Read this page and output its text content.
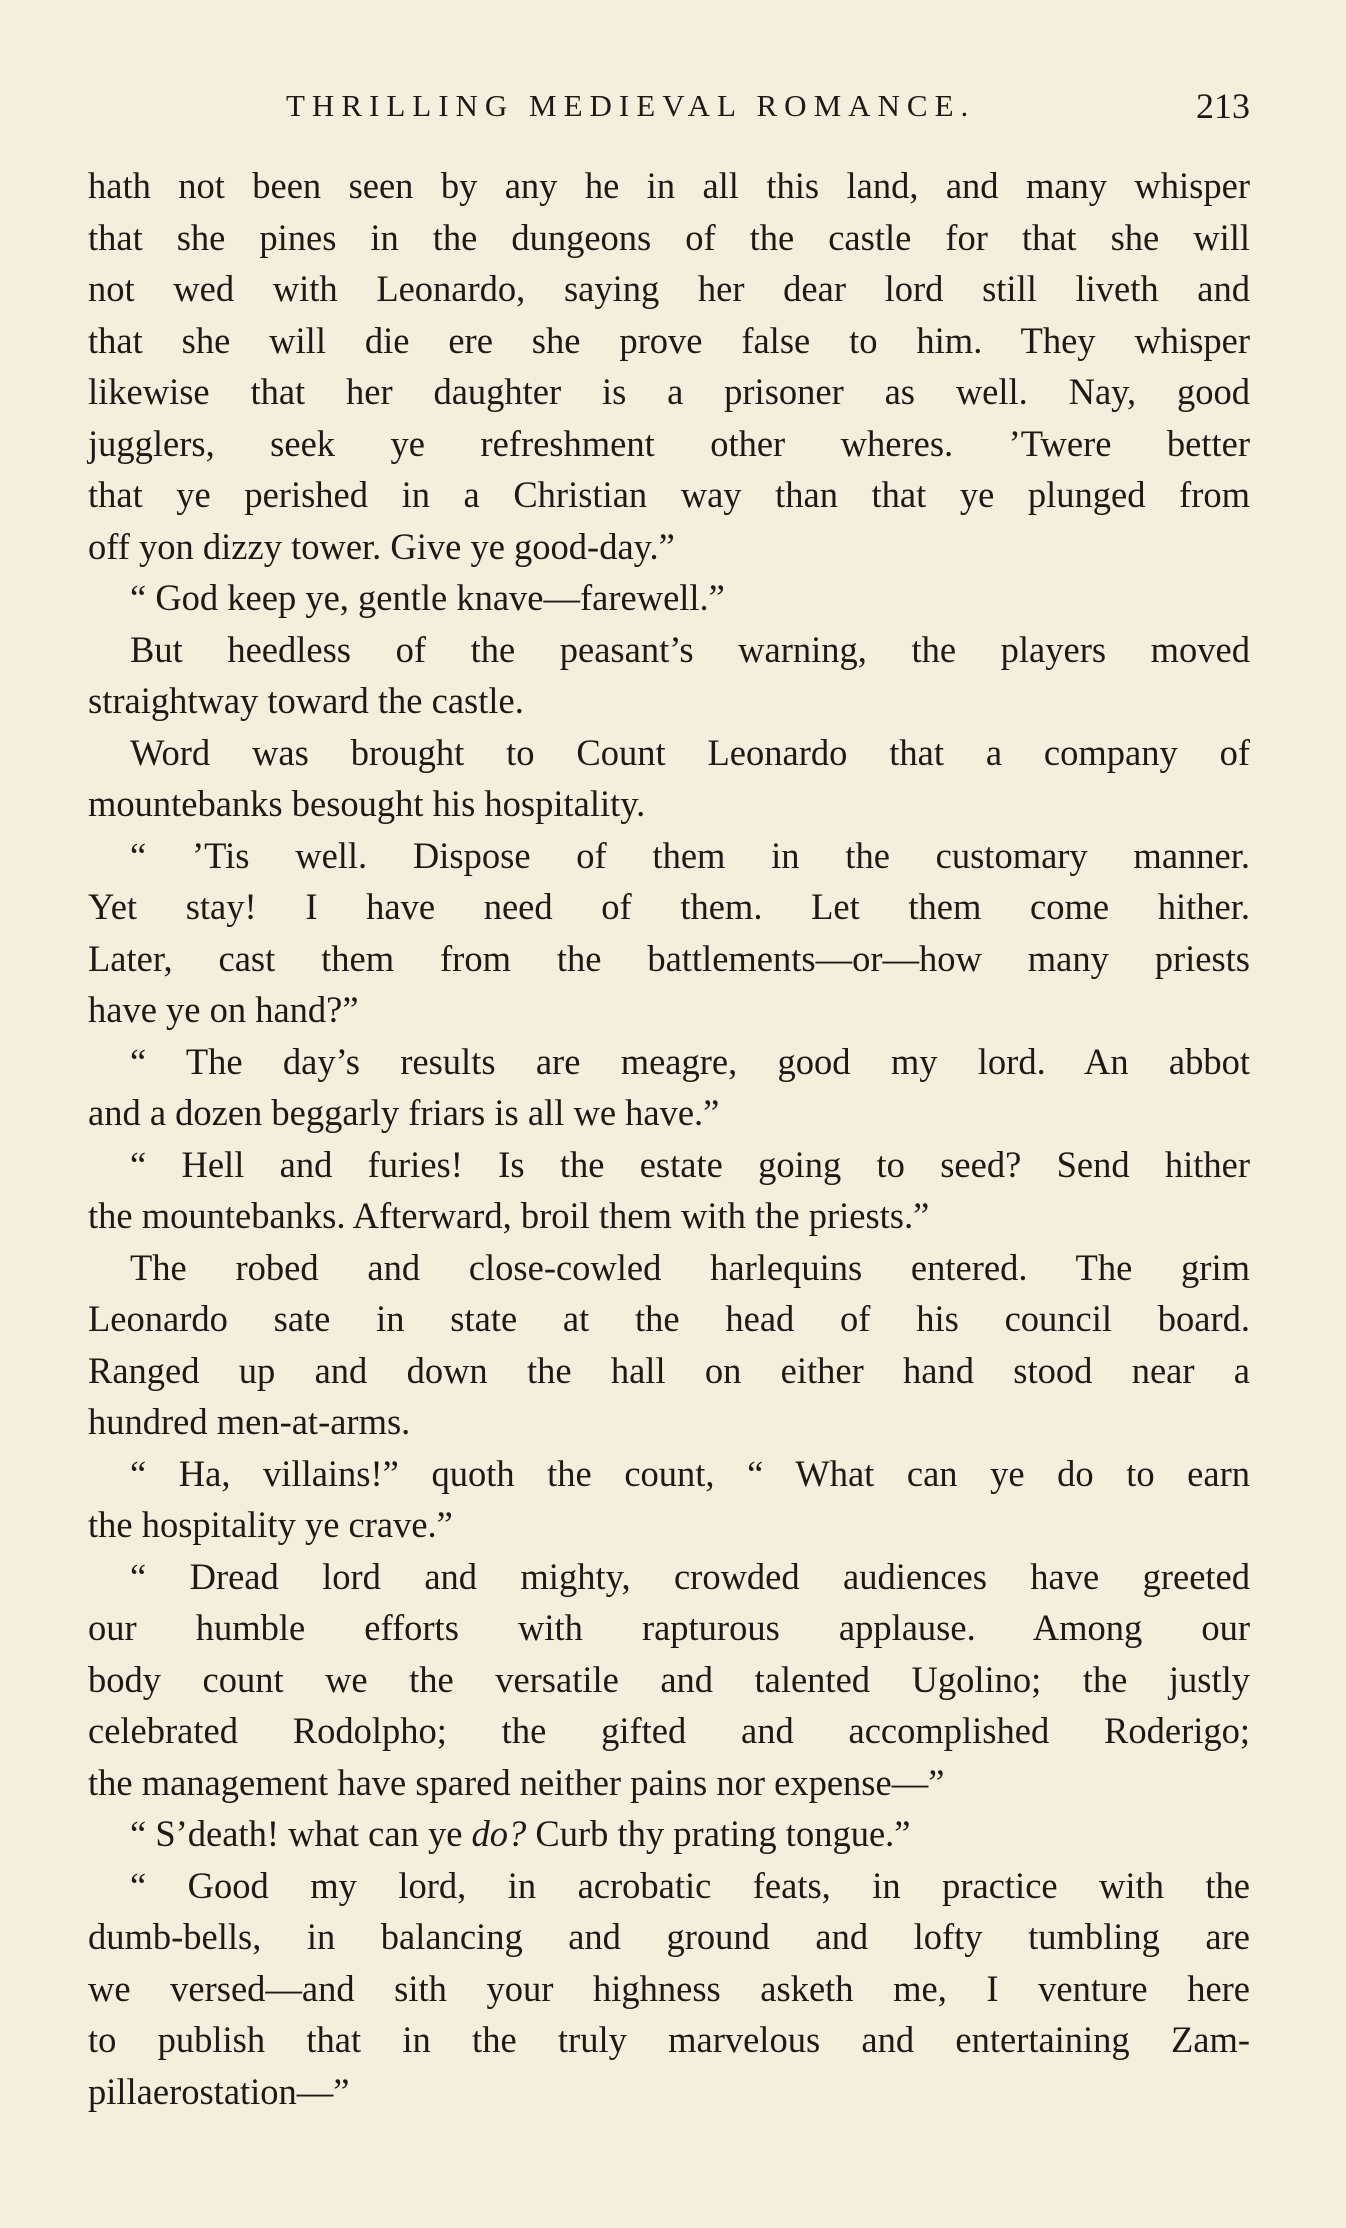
THRILLING MEDIEVAL ROMANCE.	213
hath not been seen by any he in all this land, and many whisper
that she pines in the dungeons of the castle for that she will
not wed with Leonardo, saying her dear lord still liveth and
that she will die ere she prove false to him. They whisper
likewise that her daughter is a prisoner as well. Nay, good
jugglers, seek ye refreshment other wheres. ’Twere better
that ye perished in a Christian way than that ye plunged from
off yon dizzy tower. Give ye good-day.”
“ God keep ye, gentle knave—farewell.”
But heedless of the peasant’s warning, the players moved
straightway toward the castle.
Word was brought to Count Leonardo that a company of
mountebanks besought his hospitality.
“ ’Tis well. Dispose of them in the customary manner.
Yet stay! I have need of them. Let them come hither.
Later, cast them from the battlements—or—how many priests
have ye on hand?”
“ The day’s results are meagre, good my lord. An abbot
and a dozen beggarly friars is all we have.”
“ Hell and furies! Is the estate going to seed? Send hither
the mountebanks. Afterward, broil them with the priests.”
The robed and close-cowled harlequins entered. The grim
Leonardo sate in state at the head of his council board.
Ranged up and down the hall on either hand stood near a
hundred men-at-arms.
“ Ha, villains!” quoth the count, “ What can ye do to earn
the hospitality ye crave.”
“ Dread lord and mighty, crowded audiences have greeted
our humble efforts with rapturous applause. Among our
body count we the versatile and talented Ugolino; the justly
celebrated Rodolpho; the gifted and accomplished Roderigo;
the management have spared neither pains nor expense—”
“ S’death! what can ye do? Curb thy prating tongue.”
“ Good my lord, in acrobatic feats, in practice with the
dumb-bells, in balancing and ground and lofty tumbling are
we versed—and sith your highness asketh me, I venture here
to publish that in the truly marvelous and entertaining Zam-
pillaerostation—”
